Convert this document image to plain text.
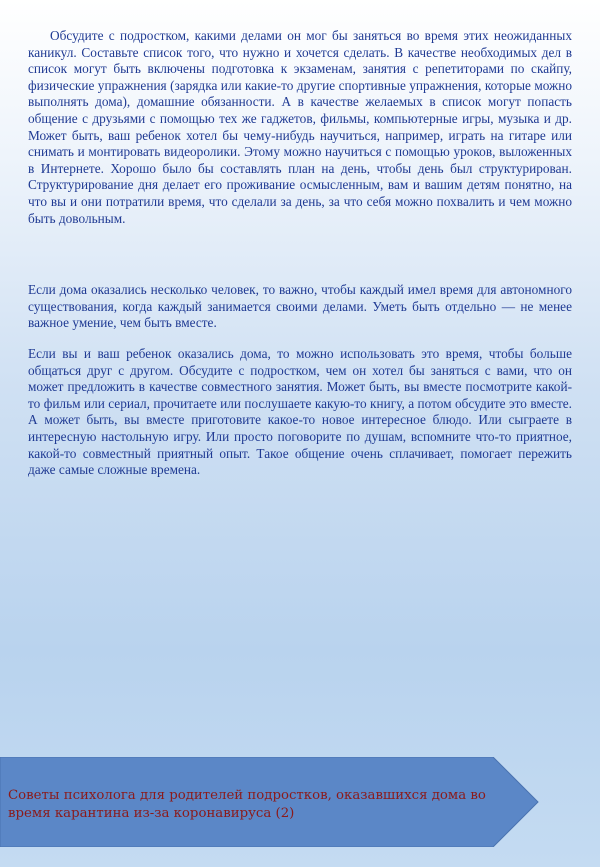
Обсудите с подростком, какими делами он мог бы заняться во время этих неожиданных каникул. Составьте список того, что нужно и хочется сделать. В качестве необходимых дел в список могут быть включены подготовка к экзаменам, занятия с репетиторами по скайпу, физические упражнения (зарядка или какие-то другие спортивные упражнения, которые можно выполнять дома), домашние обязанности. А в качестве желаемых в список могут попасть общение с друзьями с помощью тех же гаджетов, фильмы, компьютерные игры, музыка и др. Может быть, ваш ребенок хотел бы чему-нибудь научиться, например, играть на гитаре или снимать и монтировать видеоролики. Этому можно научиться с помощью уроков, выложенных в Интернете. Хорошо было бы составлять план на день, чтобы день был структурирован. Структурирование дня делает его проживание осмысленным, вам и вашим детям понятно, на что вы и они потратили время, что сделали за день, за что себя можно похвалить и чем можно быть довольным.

Если дома оказались несколько человек, то важно, чтобы каждый имел время для автономного существования, когда каждый занимается своими делами. Уметь быть отдельно — не менее важное умение, чем быть вместе.

Если вы и ваш ребенок оказались дома, то можно использовать это время, чтобы больше общаться друг с другом. Обсудите с подростком, чем он хотел бы заняться с вами, что он может предложить в качестве совместного занятия. Может быть, вы вместе посмотрите какой-то фильм или сериал, прочитаете или послушаете какую-то книгу, а потом обсудите это вместе. А может быть, вы вместе приготовите какое-то новое интересное блюдо. Или сыграете в интересную настольную игру. Или просто поговорите по душам, вспомните что-то приятное, какой-то совместный приятный опыт. Такое общение очень сплачивает, помогает пережить даже самые сложные времена.

Советы психолога для родителей подростков, оказавшихся дома во время карантина из-за коронавируса (2)
